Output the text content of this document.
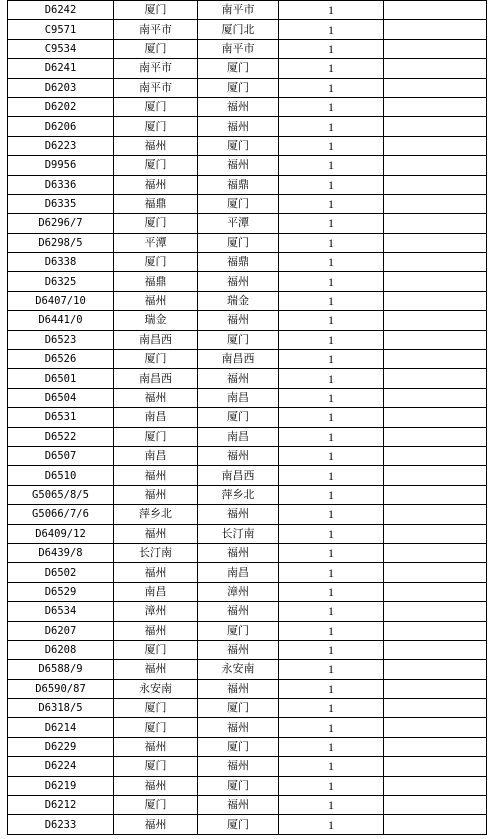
D6242	厦门	南平市	1	
C9571	南平市	厦门北	1	
C9534	厦门	南平市	1	
D6241	南平市	厦门	1	
D6203	南平市	厦门	1	
D6202	厦门	福州	1	
D6206	厦门	福州	1	
D6223	福州	厦门	1	
D9956	厦门	福州	1	
D6336	福州	福鼎	1	
D6335	福鼎	厦门	1	
D6296/7	厦门	平潭	1	
D6298/5	平潭	厦门	1	
D6338	厦门	福鼎	1	
D6325	福鼎	福州	1	
D6407/10	福州	瑞金	1	
D6441/0	瑞金	福州	1	
D6523	南昌西	厦门	1	
D6526	厦门	南昌西	1	
D6501	南昌西	福州	1	
D6504	福州	南昌	1	
D6531	南昌	厦门	1	
D6522	厦门	南昌	1	
D6507	南昌	福州	1	
D6510	福州	南昌西	1	
G5065/8/5	福州	萍乡北	1	
G5066/7/6	萍乡北	福州	1	
D6409/12	福州	长汀南	1	
D6439/8	长汀南	福州	1	
D6502	福州	南昌	1	
D6529	南昌	漳州	1	
D6534	漳州	福州	1	
D6207	福州	厦门	1	
D6208	厦门	福州	1	
D6588/9	福州	永安南	1	
D6590/87	永安南	福州	1	
D6318/5	厦门	厦门	1	
D6214	厦门	福州	1	
D6229	福州	厦门	1	
D6224	厦门	福州	1	
D6219	福州	厦门	1	
D6212	厦门	福州	1	
D6233	福州	厦门	1	
